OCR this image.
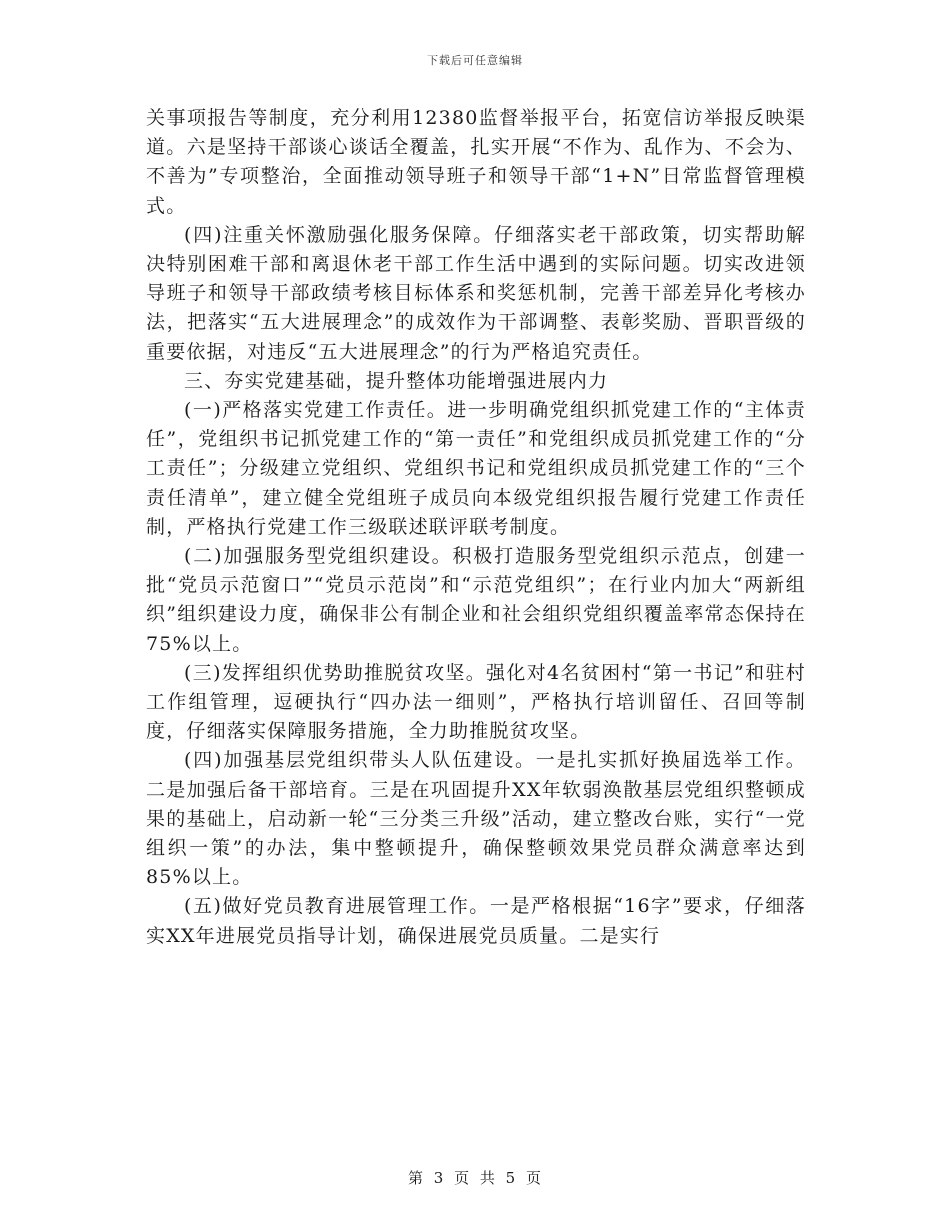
下载后可任意编辑

关事项报告等制度，充分利用12380监督举报平台，拓宽信访举报反映渠道。六是坚持干部谈心谈话全覆盖，扎实开展“不作为、乱作为、不会为、不善为”专项整治，全面推动领导班子和领导干部“1+N”日常监督管理模式。

(四)注重关怀激励强化服务保障。仔细落实老干部政策，切实帮助解决特别困难干部和离退休老干部工作生活中遇到的实际问题。切实改进领导班子和领导干部政绩考核目标体系和奖惩机制，完善干部差异化考核办法，把落实“五大进展理念”的成效作为干部调整、表彰奖励、晋职晋级的重要依据，对违反“五大进展理念”的行为严格追究责任。

三、夯实党建基础，提升整体功能增强进展内力

(一)严格落实党建工作责任。进一步明确党组织抓党建工作的“主体责任”，党组织书记抓党建工作的“第一责任”和党组织成员抓党建工作的“分工责任”；分级建立党组织、党组织书记和党组织成员抓党建工作的“三个责任清单”，建立健全党组班子成员向本级党组织报告履行党建工作责任制，严格执行党建工作三级联述联评联考制度。

(二)加强服务型党组织建设。积极打造服务型党组织示范点，创建一批“党员示范窗口”“党员示范岗”和“示范党组织”；在行业内加大“两新组织”组织建设力度，确保非公有制企业和社会组织党组织覆盖率常态保持在75%以上。

(三)发挥组织优势助推脱贫攻坚。强化对4名贫困村“第一书记”和驻村工作组管理，逗硬执行“四办法一细则”，严格执行培训留任、召回等制度，仔细落实保障服务措施，全力助推脱贫攻坚。

(四)加强基层党组织带头人队伍建设。一是扎实抓好换届选举工作。二是加强后备干部培育。三是在巩固提升XX年软弱涣散基层党组织整顿成果的基础上，启动新一轮“三分类三升级”活动，建立整改台账，实行“一党组织一策”的办法，集中整顿提升，确保整顿效果党员群众满意率达到85%以上。

(五)做好党员教育进展管理工作。一是严格根据“16字”要求，仔细落实XX年进展党员指导计划，确保进展党员质量。二是实行

第 3 页 共 5 页
